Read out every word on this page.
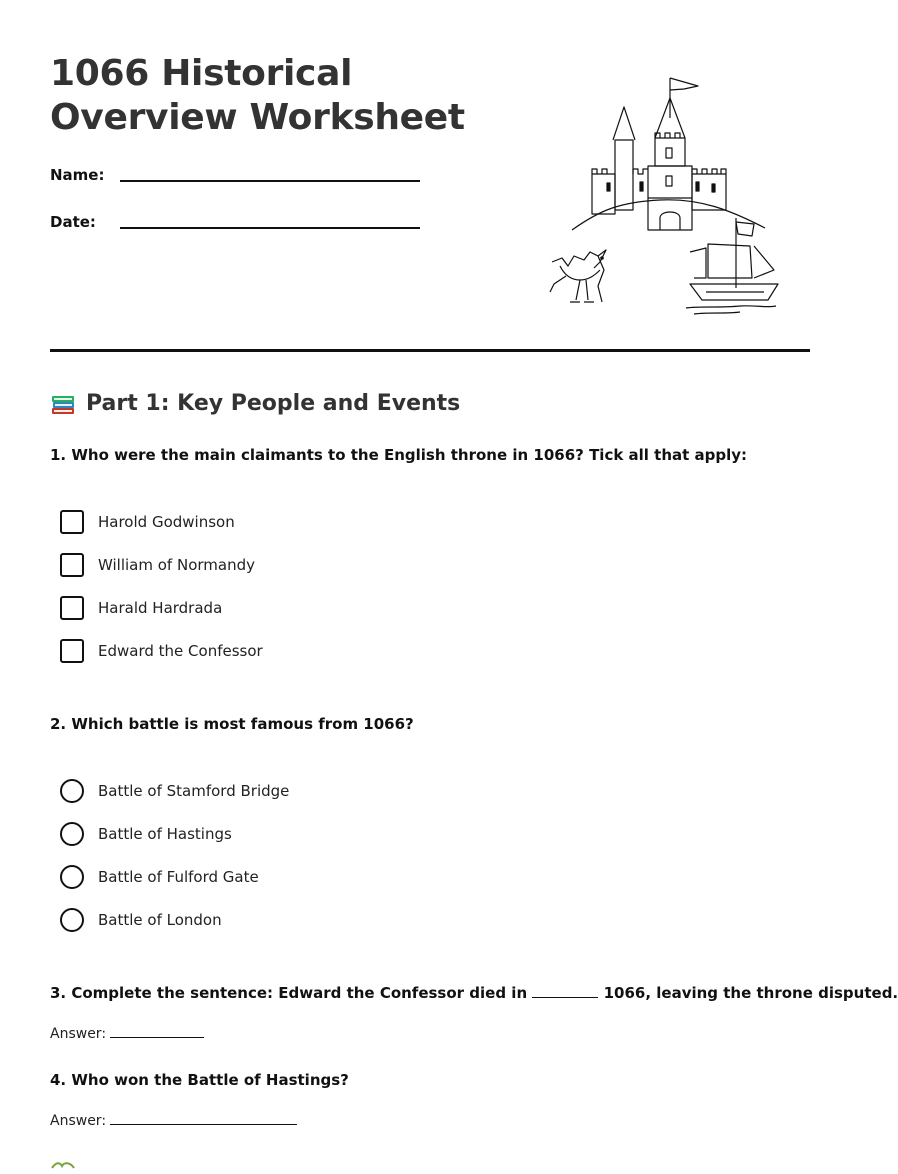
1066 Historical
Overview Worksheet
Name:
Date:
Part 1: Key People and Events

1. Who were the main claimants to the English throne in 1066? Tick all that apply:

Harold Godwinson
William of Normandy
Harald Hardrada
Edward the Confessor

2. Which battle is most famous from 1066?

Battle of Stamford Bridge
Battle of Hastings
Battle of Fulford Gate
Battle of London

3. Complete the sentence: Edward the Confessor died in	1066, leaving the throne disputed.

Answer:

4. Who won the Battle of Hastings?

Answer:
